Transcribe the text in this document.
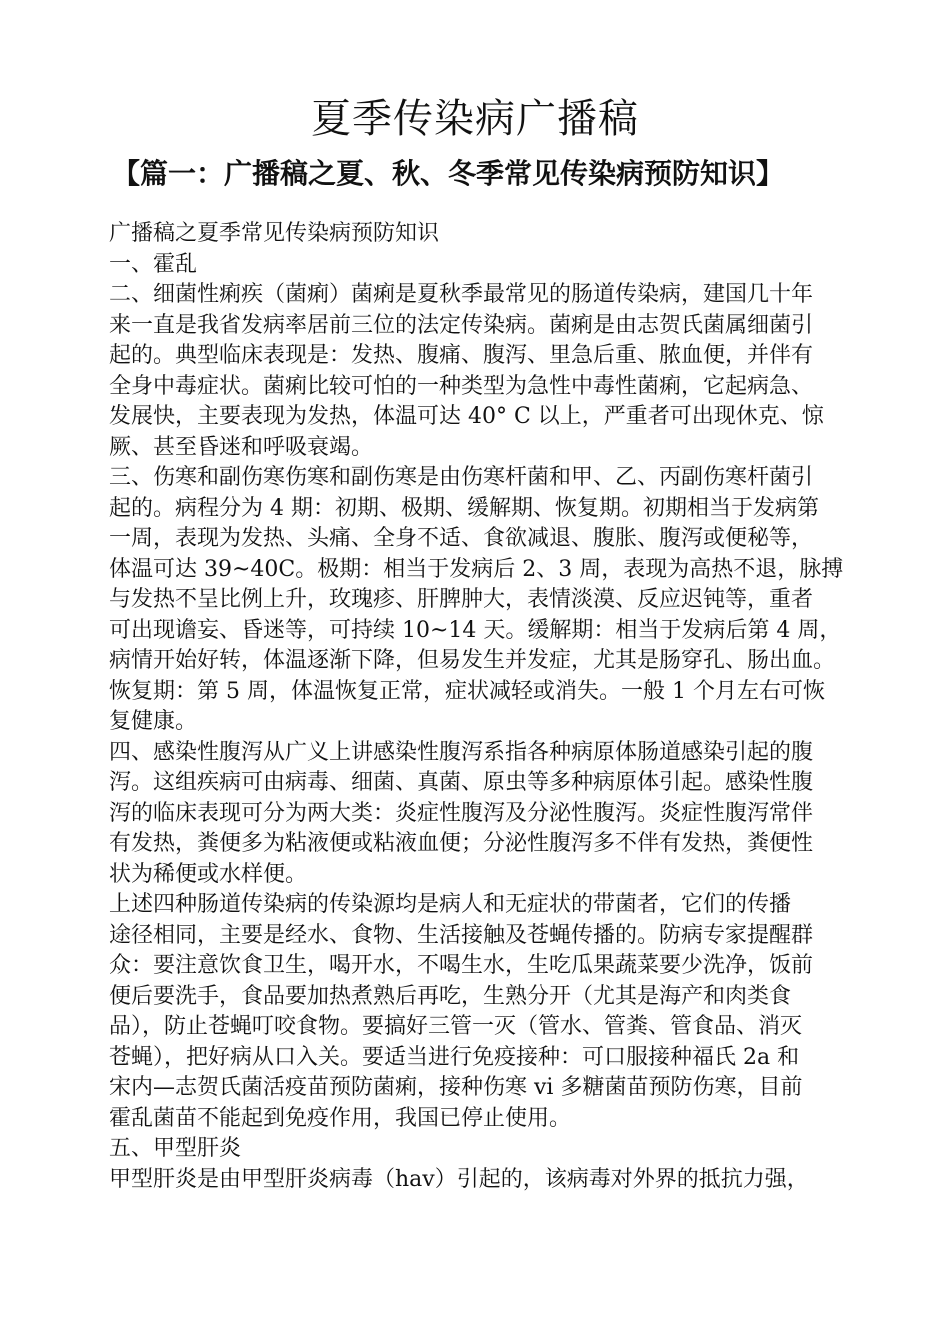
夏季传染病广播稿
【篇一：广播稿之夏、秋、冬季常见传染病预防知识】
广播稿之夏季常见传染病预防知识
一、霍乱
二、细菌性痢疾（菌痢）菌痢是夏秋季最常见的肠道传染病，建国几十年
来一直是我省发病率居前三位的法定传染病。菌痢是由志贺氏菌属细菌引
起的。典型临床表现是：发热、腹痛、腹泻、里急后重、脓血便，并伴有
全身中毒症状。菌痢比较可怕的一种类型为急性中毒性菌痢，它起病急、
发展快，主要表现为发热，体温可达 40° C 以上，严重者可出现休克、惊
厥、甚至昏迷和呼吸衰竭。
三、伤寒和副伤寒伤寒和副伤寒是由伤寒杆菌和甲、乙、丙副伤寒杆菌引
起的。病程分为 4 期：初期、极期、缓解期、恢复期。初期相当于发病第
一周，表现为发热、头痛、全身不适、食欲减退、腹胀、腹泻或便秘等，
体温可达 39~40C。极期：相当于发病后 2、3 周，表现为高热不退，脉搏
与发热不呈比例上升，玫瑰疹、肝脾肿大，表情淡漠、反应迟钝等，重者
可出现谵妄、昏迷等，可持续 10~14 天。缓解期：相当于发病后第 4 周，
病情开始好转，体温逐渐下降，但易发生并发症，尤其是肠穿孔、肠出血。
恢复期：第 5 周，体温恢复正常，症状减轻或消失。一般 1 个月左右可恢
复健康。
四、感染性腹泻从广义上讲感染性腹泻系指各种病原体肠道感染引起的腹
泻。这组疾病可由病毒、细菌、真菌、原虫等多种病原体引起。感染性腹
泻的临床表现可分为两大类：炎症性腹泻及分泌性腹泻。炎症性腹泻常伴
有发热，粪便多为粘液便或粘液血便；分泌性腹泻多不伴有发热，粪便性
状为稀便或水样便。
上述四种肠道传染病的传染源均是病人和无症状的带菌者，它们的传播
途径相同，主要是经水、食物、生活接触及苍蝇传播的。防病专家提醒群
众：要注意饮食卫生，喝开水，不喝生水，生吃瓜果蔬菜要少洗净，饭前
便后要洗手，食品要加热煮熟后再吃，生熟分开（尤其是海产和肉类食
品），防止苍蝇叮咬食物。要搞好三管一灭（管水、管粪、管食品、消灭
苍蝇），把好病从口入关。要适当进行免疫接种：可口服接种福氏 2a 和
宋内—志贺氏菌活疫苗预防菌痢，接种伤寒 vi 多糖菌苗预防伤寒，目前
霍乱菌苗不能起到免疫作用，我国已停止使用。
五、甲型肝炎
甲型肝炎是由甲型肝炎病毒（hav）引起的，该病毒对外界的抵抗力强，
